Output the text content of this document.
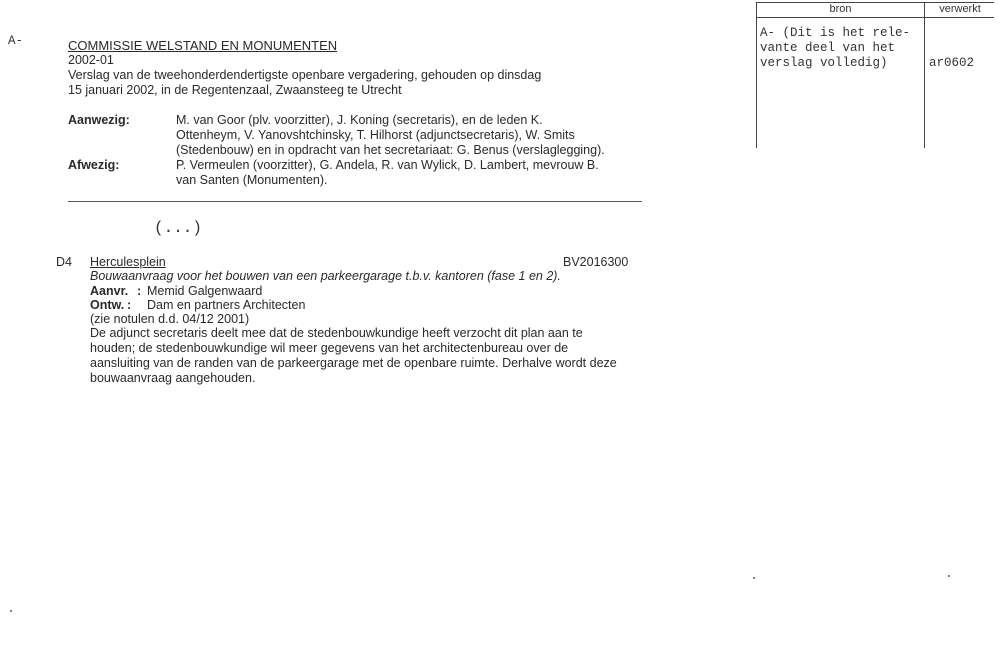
A-	COMMISSIE WELSTAND EN MONUMENTEN
2002-01
Verslag van de tweehonderdendertigste openbare vergadering, gehouden op dinsdag
15 januari 2002, in de Regentenzaal, Zwaansteeg te Utrecht
Aanwezig:	M. van Goor (plv. voorzitter), J. Koning (secretaris), en de leden K.
Ottenheym, V. Yanovshtchinsky, T. Hilhorst (adjunctsecretaris), W. Smits
(Stedenbouw) en in opdracht van het secretariaat: G. Benus (verslaglegging).
Afwezig:	P. Vermeulen (voorzitter), G. Andela, R. van Wylick, D. Lambert, mevrouw B.
van Santen (Monumenten).
(...)
D4 Herculesplein	BV2016300
Bouwaanvraag voor het bouwen van een parkeergarage t.b.v. kantoren (fase 1 en 2).
Aanvr. : Memid Galgenwaard
Ontw. : Dam en partners Architecten
(zie notulen d.d. 04/12 2001)
De adjunct secretaris deelt mee dat de stedenbouwkundige heeft verzocht dit plan aan te
houden; de stedenbouwkundige wil meer gegevens van het architectenbureau over de
aansluiting van de randen van de parkeergarage met de openbare ruimte. Derhalve wordt deze
bouwaanvraag aangehouden.
bron	verwerkt
A- (Dit is het rele-
vante deel van het
verslag volledig)	ar0602
